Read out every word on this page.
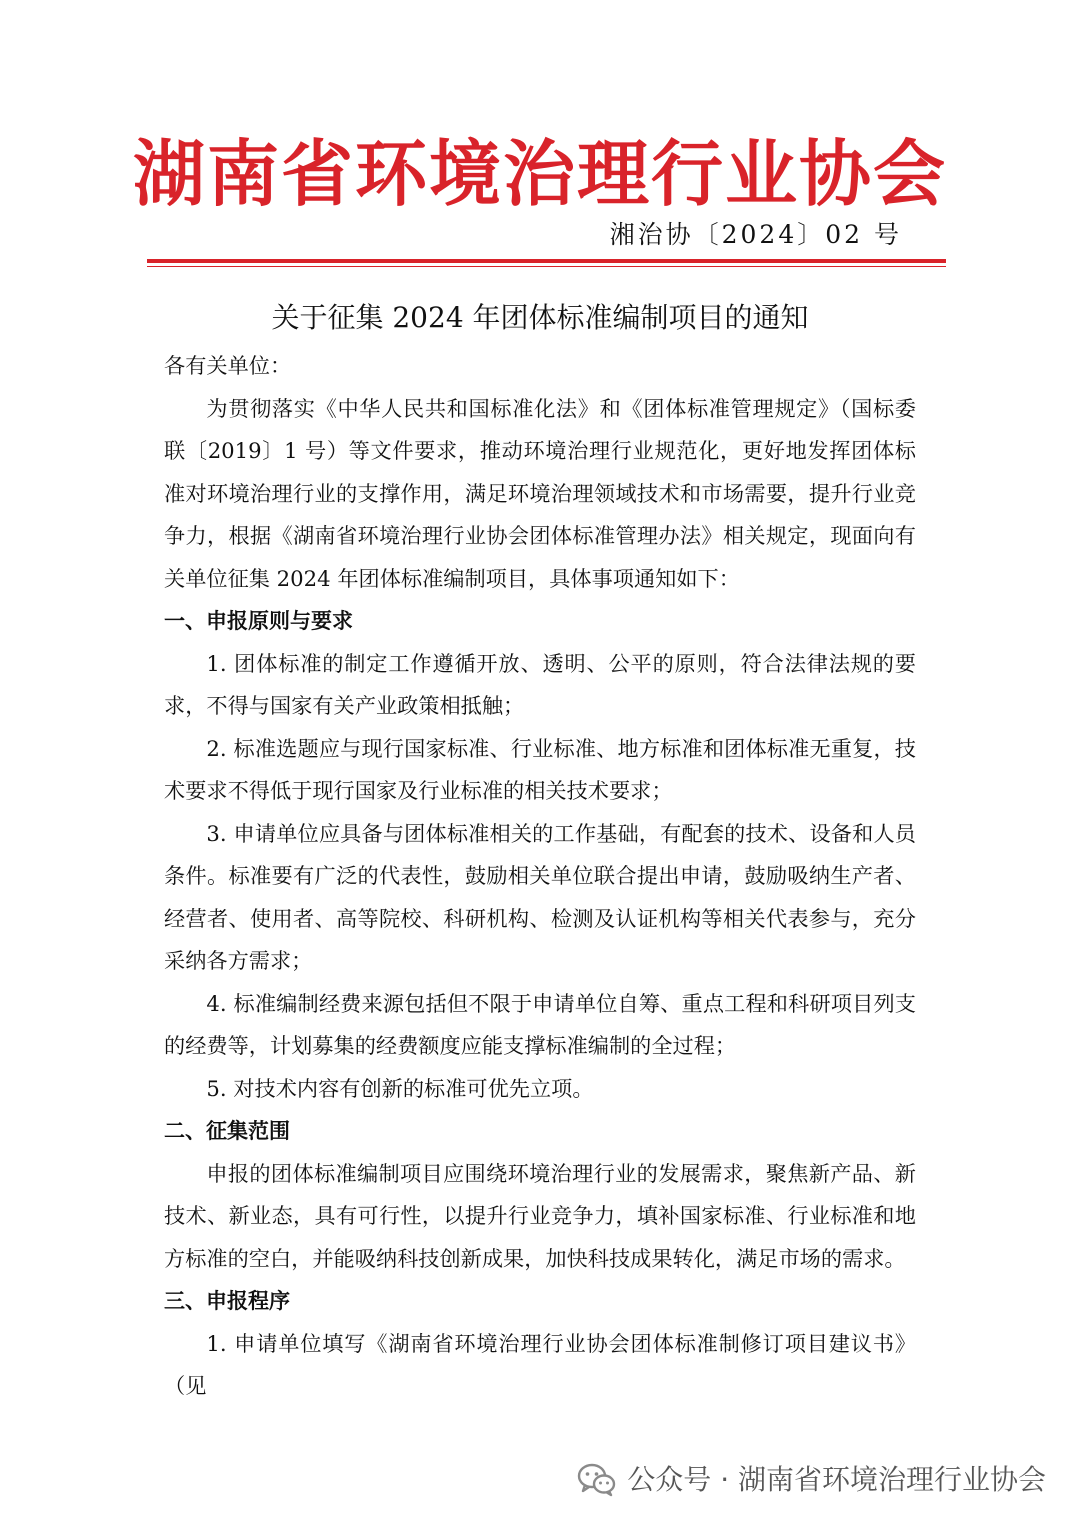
湖南省环境治理行业协会
湘治协〔2024〕02 号
关于征集 2024 年团体标准编制项目的通知

各有关单位：

为贯彻落实《中华人民共和国标准化法》和《团体标准管理规定》（国标委联〔2019〕1 号）等文件要求，推动环境治理行业规范化，更好地发挥团体标准对环境治理行业的支撑作用，满足环境治理领域技术和市场需要，提升行业竞争力，根据《湖南省环境治理行业协会团体标准管理办法》相关规定，现面向有关单位征集 2024 年团体标准编制项目，具体事项通知如下：

一、申报原则与要求

1. 团体标准的制定工作遵循开放、透明、公平的原则，符合法律法规的要求，不得与国家有关产业政策相抵触；

2. 标准选题应与现行国家标准、行业标准、地方标准和团体标准无重复，技术要求不得低于现行国家及行业标准的相关技术要求；

3. 申请单位应具备与团体标准相关的工作基础，有配套的技术、设备和人员条件。标准要有广泛的代表性，鼓励相关单位联合提出申请，鼓励吸纳生产者、经营者、使用者、高等院校、科研机构、检测及认证机构等相关代表参与，充分采纳各方需求；

4. 标准编制经费来源包括但不限于申请单位自筹、重点工程和科研项目列支的经费等，计划募集的经费额度应能支撑标准编制的全过程；

5. 对技术内容有创新的标准可优先立项。

二、征集范围

申报的团体标准编制项目应围绕环境治理行业的发展需求，聚焦新产品、新技术、新业态，具有可行性，以提升行业竞争力，填补国家标准、行业标准和地方标准的空白，并能吸纳科技创新成果，加快科技成果转化，满足市场的需求。

三、申报程序

1. 申请单位填写《湖南省环境治理行业协会团体标准制修订项目建议书》（见

公众号 · 湖南省环境治理行业协会
